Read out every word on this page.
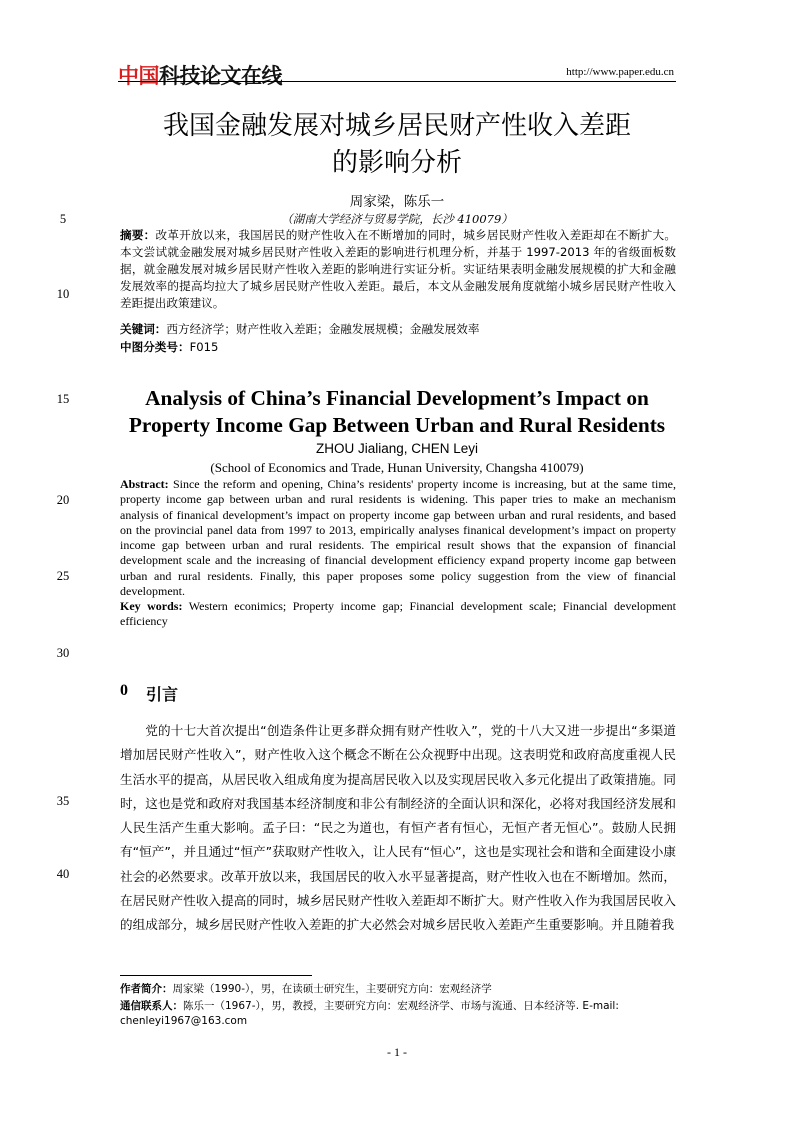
中国科技论文在线	http://www.paper.edu.cn
5
10
15
20
25
30
35
40
我国金融发展对城乡居民财产性收入差距
的影响分析
周家梁，陈乐一
（湖南大学经济与贸易学院，长沙 410079）
摘要：改革开放以来，我国居民的财产性收入在不断增加的同时，城乡居民财产性收入差距却在不断扩大。本文尝试就金融发展对城乡居民财产性收入差距的影响进行机理分析，并基于 1997-2013 年的省级面板数据，就金融发展对城乡居民财产性收入差距的影响进行实证分析。实证结果表明金融发展规模的扩大和金融发展效率的提高均拉大了城乡居民财产性收入差距。最后，本文从金融发展角度就缩小城乡居民财产性收入差距提出政策建议。
关键词：西方经济学；财产性收入差距；金融发展规模；金融发展效率
中图分类号：F015
Analysis of China’s Financial Development’s Impact on
Property Income Gap Between Urban and Rural Residents
ZHOU Jialiang, CHEN Leyi
(School of Economics and Trade, Hunan University, Changsha 410079)
Abstract: Since the reform and opening, China’s residents' property income is increasing, but at the same time, property income gap between urban and rural residents is widening. This paper tries to make an mechanism analysis of finanical development’s impact on property income gap between urban and rural residents, and based on the provincial panel data from 1997 to 2013, empirically analyses finanical development’s impact on property income gap between urban and rural residents. The empirical result shows that the expansion of financial development scale and the increasing of financial development efficiency expand property income gap between urban and rural residents. Finally, this paper proposes some policy suggestion from the view of financial development.
Key words: Western econimics; Property income gap; Financial development scale; Financial development efficiency
0 引言
党的十七大首次提出“创造条件让更多群众拥有财产性收入”，党的十八大又进一步提出“多渠道增加居民财产性收入”，财产性收入这个概念不断在公众视野中出现。这表明党和政府高度重视人民生活水平的提高，从居民收入组成角度为提高居民收入以及实现居民收入多元化提出了政策措施。同时，这也是党和政府对我国基本经济制度和非公有制经济的全面认识和深化，必将对我国经济发展和人民生活产生重大影响。孟子曰：“民之为道也，有恒产者有恒心，无恒产者无恒心”。鼓励人民拥有“恒产”，并且通过“恒产”获取财产性收入，让人民有“恒心”，这也是实现社会和谐和全面建设小康社会的必然要求。改革开放以来，我国居民的收入水平显著提高，财产性收入也在不断增加。然而，在居民财产性收入提高的同时，城乡居民财产性收入差距却不断扩大。财产性收入作为我国居民收入的组成部分，城乡居民财产性收入差距的扩大必然会对城乡居民收入差距产生重要影响。并且随着我
作者简介：周家梁（1990-），男，在读硕士研究生，主要研究方向：宏观经济学
通信联系人：陈乐一（1967-），男，教授，主要研究方向：宏观经济学、市场与流通、日本经济等. E-mail: chenleyi1967@163.com
- 1 -
